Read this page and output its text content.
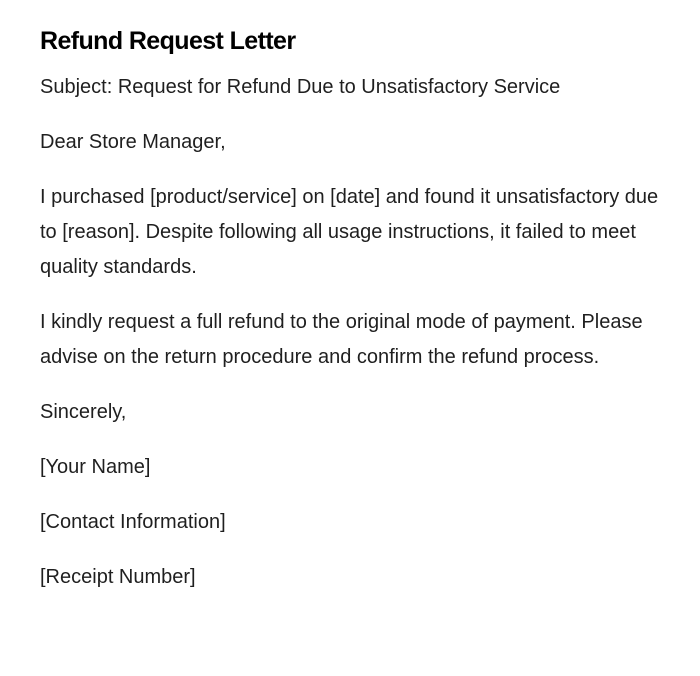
Refund Request Letter

Subject: Request for Refund Due to Unsatisfactory Service

Dear Store Manager,

I purchased [product/service] on [date] and found it unsatisfactory due to [reason]. Despite following all usage instructions, it failed to meet quality standards.

I kindly request a full refund to the original mode of payment. Please advise on the return procedure and confirm the refund process.

Sincerely,

[Your Name]

[Contact Information]

[Receipt Number]
